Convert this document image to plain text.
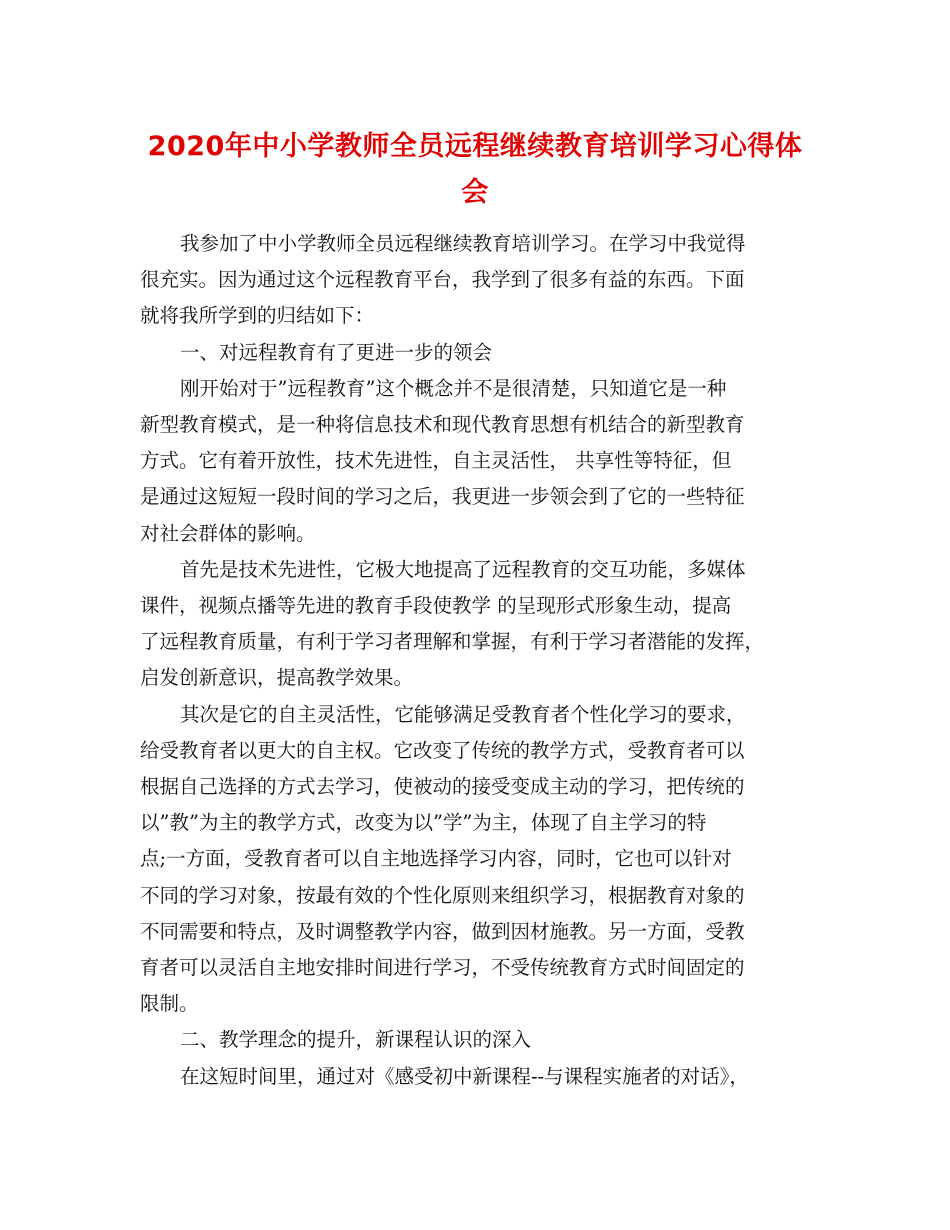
2020年中小学教师全员远程继续教育培训学习心得体
会

我参加了中小学教师全员远程继续教育培训学习。在学习中我觉得

很充实。因为通过这个远程教育平台，我学到了很多有益的东西。下面

就将我所学到的归结如下：

一、对远程教育有了更进一步的领会

刚开始对于”远程教育”这个概念并不是很清楚，只知道它是一种

新型教育模式，是一种将信息技术和现代教育思想有机结合的新型教育

方式。它有着开放性，技术先进性，自主灵活性， 共享性等特征，但

是通过这短短一段时间的学习之后，我更进一步领会到了它的一些特征

对社会群体的影响。

首先是技术先进性，它极大地提高了远程教育的交互功能，多媒体

课件，视频点播等先进的教育手段使教学 的呈现形式形象生动，提高

了远程教育质量，有利于学习者理解和掌握，有利于学习者潜能的发挥，

启发创新意识，提高教学效果。

其次是它的自主灵活性，它能够满足受教育者个性化学习的要求，

给受教育者以更大的自主权。它改变了传统的教学方式，受教育者可以

根据自己选择的方式去学习，使被动的接受变成主动的学习，把传统的

以”教”为主的教学方式，改变为以”学”为主，体现了自主学习的特

点;一方面，受教育者可以自主地选择学习内容，同时，它也可以针对

不同的学习对象，按最有效的个性化原则来组织学习，根据教育对象的

不同需要和特点，及时调整教学内容，做到因材施教。另一方面，受教

育者可以灵活自主地安排时间进行学习，不受传统教育方式时间固定的

限制。

二、教学理念的提升，新课程认识的深入

在这短时间里，通过对《感受初中新课程--与课程实施者的对话》，
